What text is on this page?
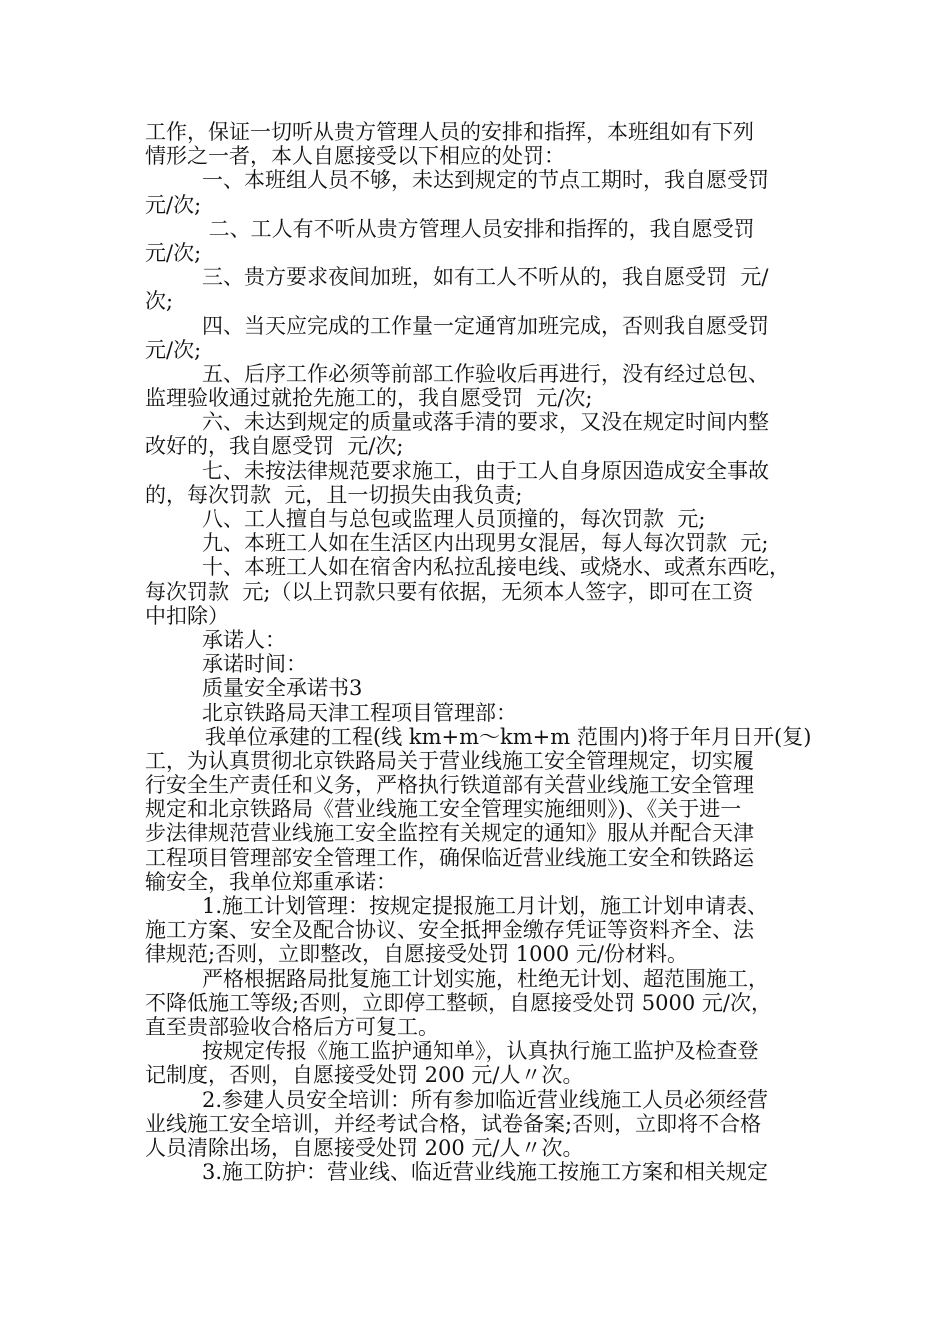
工作，保证一切听从贵方管理人员的安排和指挥，本班组如有下列
情形之一者，本人自愿接受以下相应的处罚：
一、本班组人员不够，未达到规定的节点工期时，我自愿受罚
元/次;
二、工人有不听从贵方管理人员安排和指挥的，我自愿受罚
元/次;
三、贵方要求夜间加班，如有工人不听从的，我自愿受罚  元/
次;
四、当天应完成的工作量一定通宵加班完成，否则我自愿受罚
元/次;
五、后序工作必须等前部工作验收后再进行，没有经过总包、
监理验收通过就抢先施工的，我自愿受罚  元/次;
六、未达到规定的质量或落手清的要求，又没在规定时间内整
改好的，我自愿受罚  元/次;
七、未按法律规范要求施工，由于工人自身原因造成安全事故
的，每次罚款  元，且一切损失由我负责;
八、工人擅自与总包或监理人员顶撞的，每次罚款  元;
九、本班工人如在生活区内出现男女混居，每人每次罚款  元;
十、本班工人如在宿舍内私拉乱接电线、或烧水、或煮东西吃，
每次罚款  元;（以上罚款只要有依据，无须本人签字，即可在工资
中扣除）
承诺人：
承诺时间：
质量安全承诺书3
北京铁路局天津工程项目管理部：
我单位承建的工程(线 km+m～km+m 范围内)将于年月日开(复)
工，为认真贯彻北京铁路局关于营业线施工安全管理规定，切实履
行安全生产责任和义务，严格执行铁道部有关营业线施工安全管理
规定和北京铁路局《营业线施工安全管理实施细则》)、《关于进一
步法律规范营业线施工安全监控有关规定的通知》服从并配合天津
工程项目管理部安全管理工作，确保临近营业线施工安全和铁路运
输安全，我单位郑重承诺：
1.施工计划管理：按规定提报施工月计划，施工计划申请表、
施工方案、安全及配合协议、安全抵押金缴存凭证等资料齐全、法
律规范;否则，立即整改，自愿接受处罚 1000 元/份材料。
严格根据路局批复施工计划实施，杜绝无计划、超范围施工，
不降低施工等级;否则，立即停工整顿，自愿接受处罚 5000 元/次，
直至贵部验收合格后方可复工。
按规定传报《施工监护通知单》，认真执行施工监护及检查登
记制度，否则，自愿接受处罚 200 元/人〃次。
2.参建人员安全培训：所有参加临近营业线施工人员必须经营
业线施工安全培训，并经考试合格，试卷备案;否则，立即将不合格
人员清除出场，自愿接受处罚 200 元/人〃次。
3.施工防护：营业线、临近营业线施工按施工方案和相关规定
